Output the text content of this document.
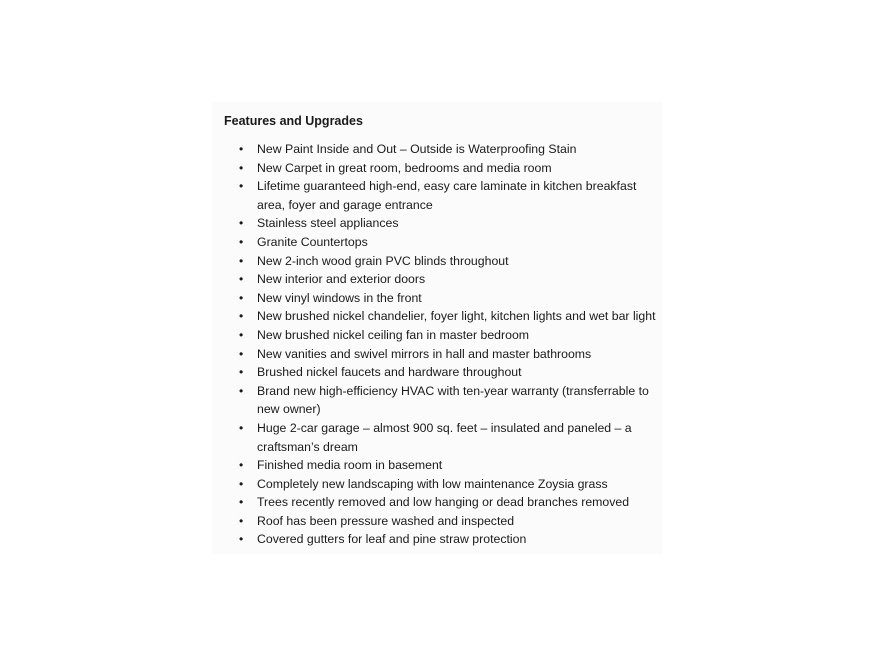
Features and Upgrades
• New Paint Inside and Out – Outside is Waterproofing Stain
• New Carpet in great room, bedrooms and media room
• Lifetime guaranteed high-end, easy care laminate in kitchen breakfast area, foyer and garage entrance
• Stainless steel appliances
• Granite Countertops
• New 2-inch wood grain PVC blinds throughout
• New interior and exterior doors
• New vinyl windows in the front
• New brushed nickel chandelier, foyer light, kitchen lights and wet bar light
• New brushed nickel ceiling fan in master bedroom
• New vanities and swivel mirrors in hall and master bathrooms
• Brushed nickel faucets and hardware throughout
• Brand new high-efficiency HVAC with ten-year warranty (transferrable to new owner)
• Huge 2-car garage – almost 900 sq. feet – insulated and paneled – a craftsman’s dream
• Finished media room in basement
• Completely new landscaping with low maintenance Zoysia grass
• Trees recently removed and low hanging or dead branches removed
• Roof has been pressure washed and inspected
• Covered gutters for leaf and pine straw protection
